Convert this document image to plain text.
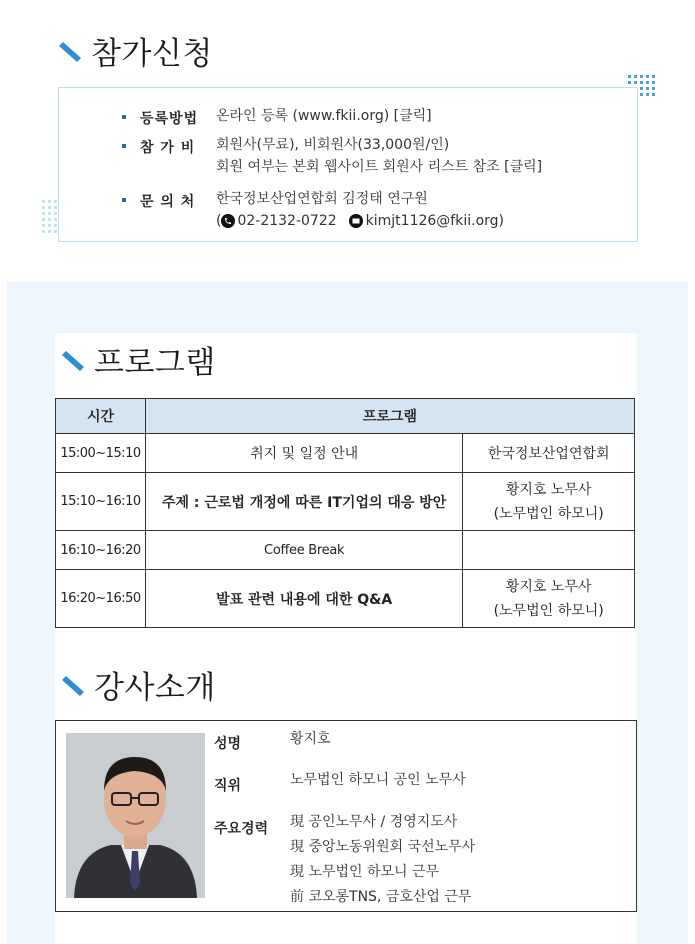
참가신청
등록방법	온라인 등록 (www.fkii.org) [클릭]
참 가 비	회원사(무료), 비회원사(33,000원/인)
회원 여부는 본회 웹사이트 회원사 리스트 참조 [클릭]
문 의 처	한국정보산업연합회 김정태 연구원
( 02-2132-0722 kimjt1126@fkii.org )
프로그램
시간	프로그램	
15:00~15:10	취지 및 일정 안내	한국정보산업연합회
15:10~16:10	주제 : 근로법 개정에 따른 IT기업의 대응 방안	황지호 노무사
(노무법인 하모니)

16:10~16:20	Coffee Break	
16:20~16:50	발표 관련 내용에 대한 Q&A	황지호 노무사
(노무법인 하모니)
강사소개
성명	황지호
직위	노무법인 하모니 공인 노무사
주요경력 現 공인노무사 / 경영지도사
現 중앙노동위원회 국선노무사
現 노무법인 하모니 근무
前 코오롱TNS, 금호산업 근무
